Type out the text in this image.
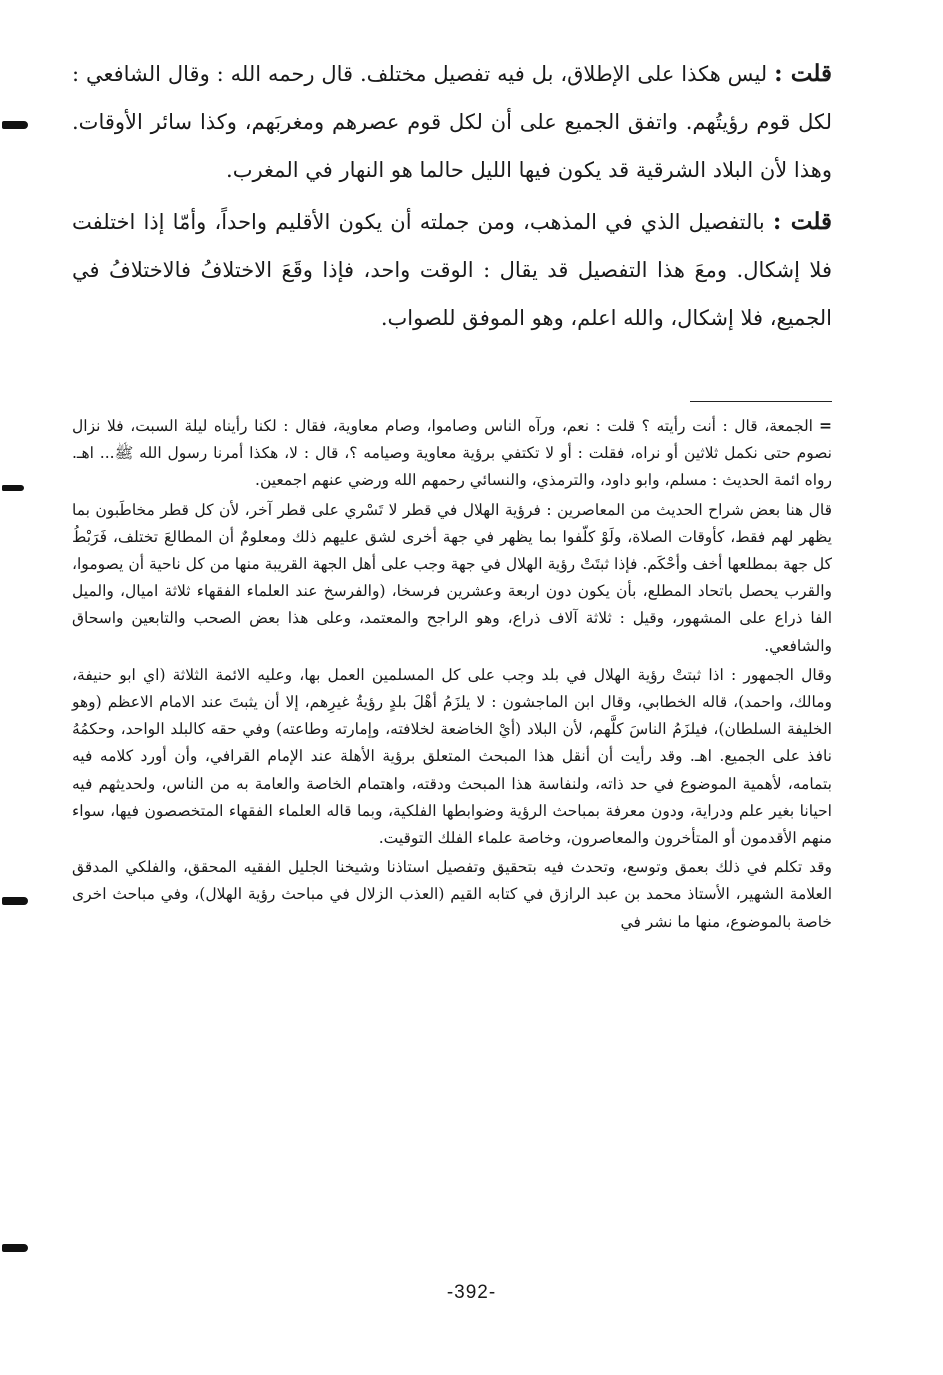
قلت : ليس هكذا على الإطلاق، بل فيه تفصيل مختلف. قال رحمه الله : وقال الشافعي : لكل قوم رؤيتُهم. واتفق الجميع على أن لكل قوم عصرهم ومغربَهم، وكذا سائر الأوقات. وهذا لأن البلاد الشرقية قد يكون فيها الليل حالما هو النهار في المغرب.

قلت : بالتفصيل الذي في المذهب، ومن جملته أن يكون الأقليم واحداً، وأمّا إذا اختلفت فلا إشكال. ومعَ هذا التفصيل قد يقال : الوقت واحد، فإذا وقَعَ الاختلافُ فالاختلافُ في الجميع، فلا إشكال، والله اعلم، وهو الموفق للصواب.

=الجمعة، قال : أنت رأيته ؟ قلت : نعم، ورآه الناس وصاموا، وصام معاوية، فقال : لكنا رأيناه ليلة السبت، فلا نزال نصوم حتى نكمل ثلاثين أو نراه، فقلت : أو لا تكتفي برؤية معاوية وصيامه ؟، قال : لا، هكذا أمرنا رسول الله ﷺ... اهـ. رواه ائمة الحديث : مسلم، وابو داود، والترمذي، والنسائي رحمهم الله ورضي عنهم اجمعين.

قال هنا بعض شراح الحديث من المعاصرين : فرؤية الهلال في قطر لا تَسْري على قطر آخر، لأن كل قطر مخاطَبون بما يظهر لهم فقط، كأوقات الصلاة، ولَوْ كلّفوا بما يظهر في جهة أخرى لشق عليهم ذلك ومعلومٌ أن المطالعَ تختلف، فَرَبْطُ كل جهة بمطلعها أخف وأحْكَم. فإذا ثبتَتْ رؤية الهلال في جهة وجب على أهل الجهة القريبة منها من كل ناحية أن يصوموا، والقرب يحصل باتحاد المطلع، بأن يكون دون اربعة وعشرين فرسخا، (والفرسخ عند العلماء الفقهاء ثلاثة اميال، والميل الفا ذراع على المشهور، وقيل : ثلاثة آلاف ذراع، وهو الراجح والمعتمد، وعلى هذا بعض الصحب والتابعين واسحاق والشافعي.

وقال الجمهور : اذا ثبتتْ رؤية الهلال في بلد وجب على كل المسلمين العمل بها، وعليه الائمة الثلاثة (اي ابو حنيفة، ومالك، واحمد)، قاله الخطابي، وقال ابن الماجشون : لا يلزَمُ أهْلَ بلدٍ رؤيةُ غيرِهم، إلا أن يثبتَ عند الامام الاعظم (وهو الخليفة السلطان)، فيلزَمُ الناسَ كلَّهم، لأن البلاد (أيْ الخاضعة لخلافته، وإمارته وطاعته) وفي حقه كالبلد الواحد، وحكمُهُ نافذ على الجميع. اهـ. وقد رأيت أن أنقل هذا المبحث المتعلق برؤية الأهلة عند الإمام القرافي، وأن أورد كلامه فيه بتمامه، لأهمية الموضوع في حد ذاته، ولنفاسة هذا المبحث ودقته، واهتمام الخاصة والعامة به من الناس، ولحديثهم فيه احيانا بغير علم ودراية، ودون معرفة بمباحث الرؤية وضوابطها الفلكية، وبما قاله العلماء الفقهاء المتخصصون فيها، سواء منهم الأقدمون أو المتأخرون والمعاصرون، وخاصة علماء الفلك التوقيت.

وقد تكلم في ذلك بعمق وتوسع، وتحدث فيه بتحقيق وتفصيل استاذنا وشيخنا الجليل الفقيه المحقق، والفلكي المدقق العلامة الشهير، الأستاذ محمد بن عبد الرازق في كتابه القيم (العذب الزلال في مباحث رؤية الهلال)، وفي مباحث اخرى خاصة بالموضوع، منها ما نشر في

-392-
